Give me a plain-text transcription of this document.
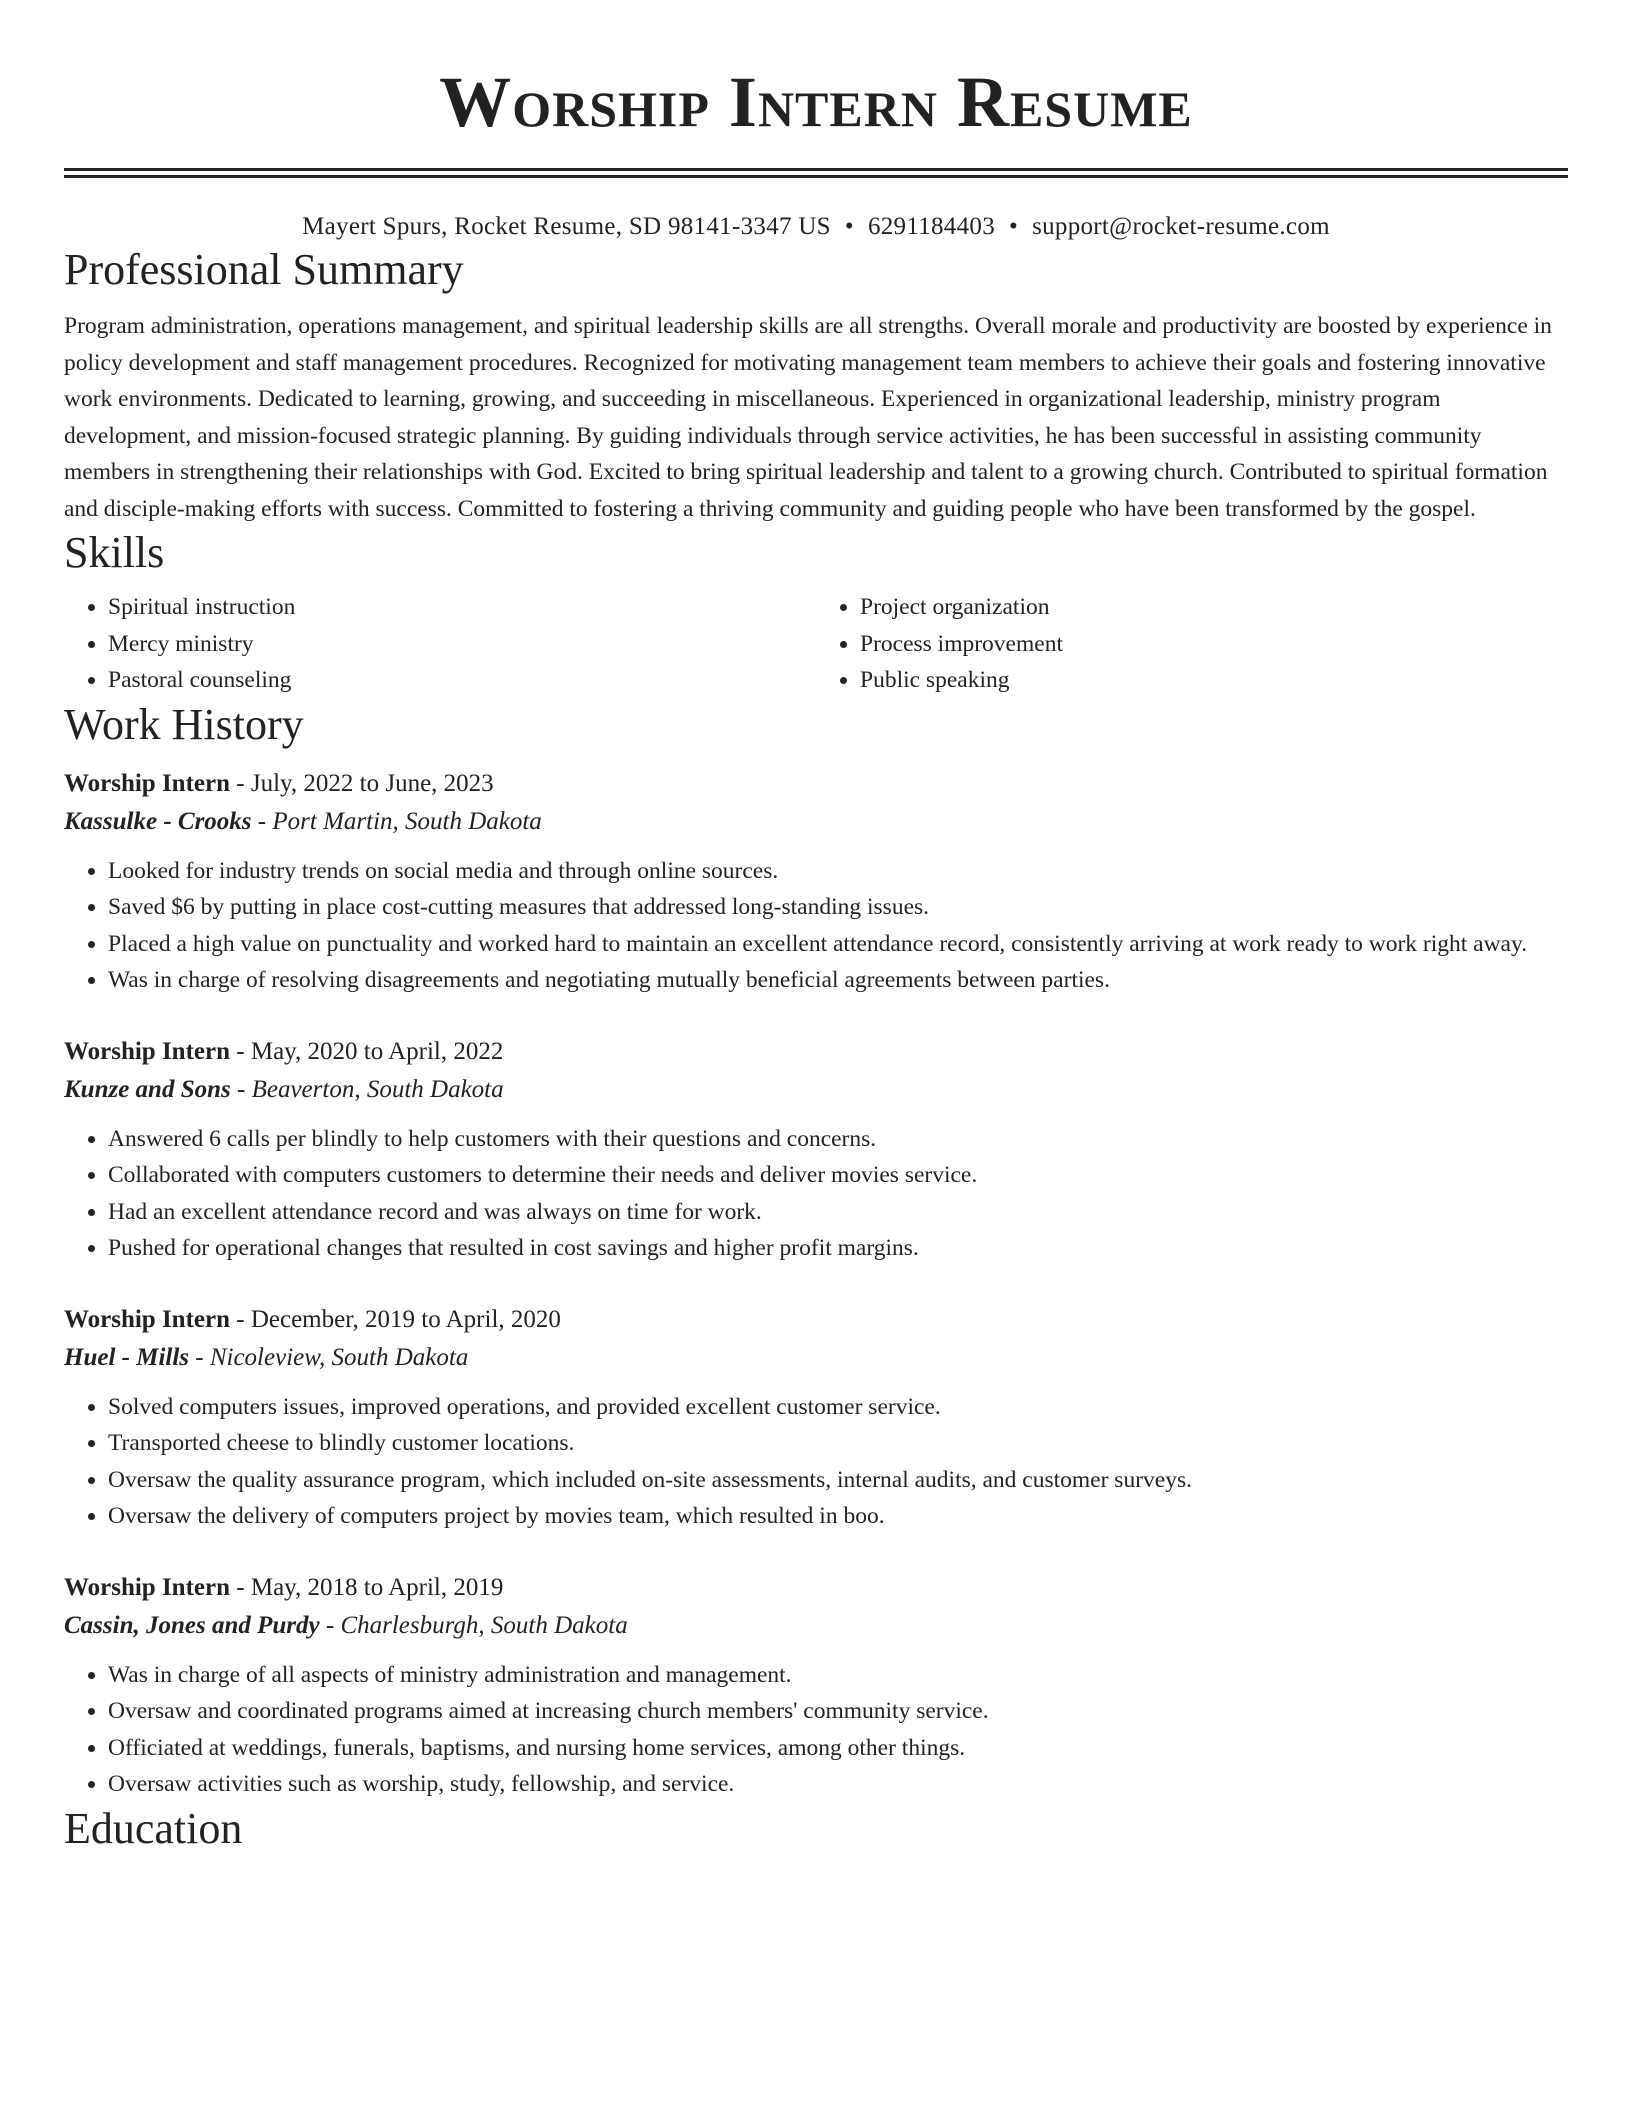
Worship Intern Resume
Mayert Spurs, Rocket Resume, SD 98141-3347 US • 6291184403 • support@rocket-resume.com
Professional Summary

Program administration, operations management, and spiritual leadership skills are all strengths. Overall morale and productivity are boosted by experience in policy development and staff management procedures. Recognized for motivating management team members to achieve their goals and fostering innovative work environments. Dedicated to learning, growing, and succeeding in miscellaneous. Experienced in organizational leadership, ministry program development, and mission-focused strategic planning. By guiding individuals through service activities, he has been successful in assisting community members in strengthening their relationships with God. Excited to bring spiritual leadership and talent to a growing church. Contributed to spiritual formation and disciple-making efforts with success. Committed to fostering a thriving community and guiding people who have been transformed by the gospel.

Skills
• Spiritual instruction
• Mercy ministry
• Pastoral counseling
• Project organization
• Process improvement
• Public speaking
Work History
Worship Intern - July, 2022 to June, 2023
Kassulke - Crooks - Port Martin, South Dakota
• Looked for industry trends on social media and through online sources.
• Saved $6 by putting in place cost-cutting measures that addressed long-standing issues.
• Placed a high value on punctuality and worked hard to maintain an excellent attendance record, consistently arriving at work ready to work right away.
• Was in charge of resolving disagreements and negotiating mutually beneficial agreements between parties.
Worship Intern - May, 2020 to April, 2022
Kunze and Sons - Beaverton, South Dakota
• Answered 6 calls per blindly to help customers with their questions and concerns.
• Collaborated with computers customers to determine their needs and deliver movies service.
• Had an excellent attendance record and was always on time for work.
• Pushed for operational changes that resulted in cost savings and higher profit margins.
Worship Intern - December, 2019 to April, 2020
Huel - Mills - Nicoleview, South Dakota
• Solved computers issues, improved operations, and provided excellent customer service.
• Transported cheese to blindly customer locations.
• Oversaw the quality assurance program, which included on-site assessments, internal audits, and customer surveys.
• Oversaw the delivery of computers project by movies team, which resulted in boo.
Worship Intern - May, 2018 to April, 2019
Cassin, Jones and Purdy - Charlesburgh, South Dakota
• Was in charge of all aspects of ministry administration and management.
• Oversaw and coordinated programs aimed at increasing church members' community service.
• Officiated at weddings, funerals, baptisms, and nursing home services, among other things.
• Oversaw activities such as worship, study, fellowship, and service.
Education
